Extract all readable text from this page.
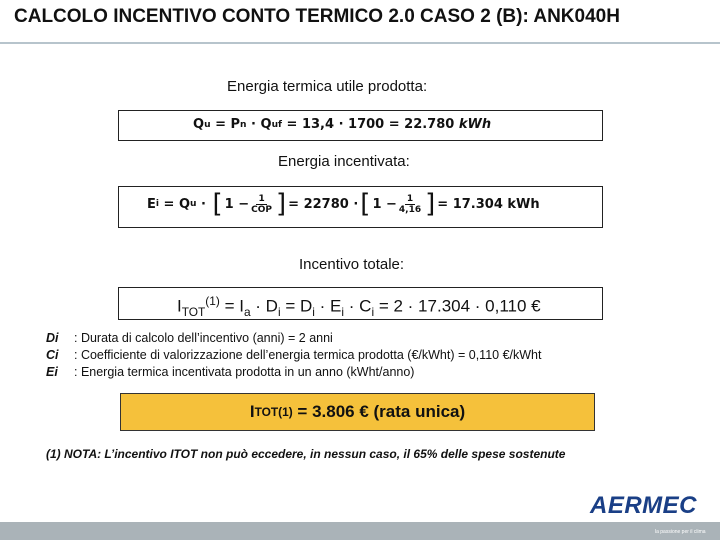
CALCOLO INCENTIVO CONTO TERMICO 2.0 CASO 2 (B): ANK040H
Energia termica utile prodotta:
Q u = P n · Q uf
= 13,4 · 1700 = 22.780
kWh
Energia incentivata:
E i = Q u · [ $1 - \frac{1}{\text{COP}}$ ] = 22780 · [ $1 - \frac{1}{4,16}$ ] = 17.304 kWh
Incentivo totale:
$I_{TOT}^{(1)} = I_a \cdot D_i = D_i \cdot E_i \cdot C_i = 2 \cdot 17.304 \cdot 0,110$ €
Di : Durata di calcolo dell’incentivo (anni) = 2 anni
Ci : Coefficiente di valorizzazione dell’energia termica prodotta (€/kWht) = 0,110 €/kWht
Ei : Energia termica incentivata prodotta in un anno (kWht/anno)
I TOT (1)
= 3.806 € (rata unica)
(1) NOTA: L’incentivo ITOT non può eccedere, in nessun caso, il 65% delle spese sostenute
AERMEC
la passione per il clima
